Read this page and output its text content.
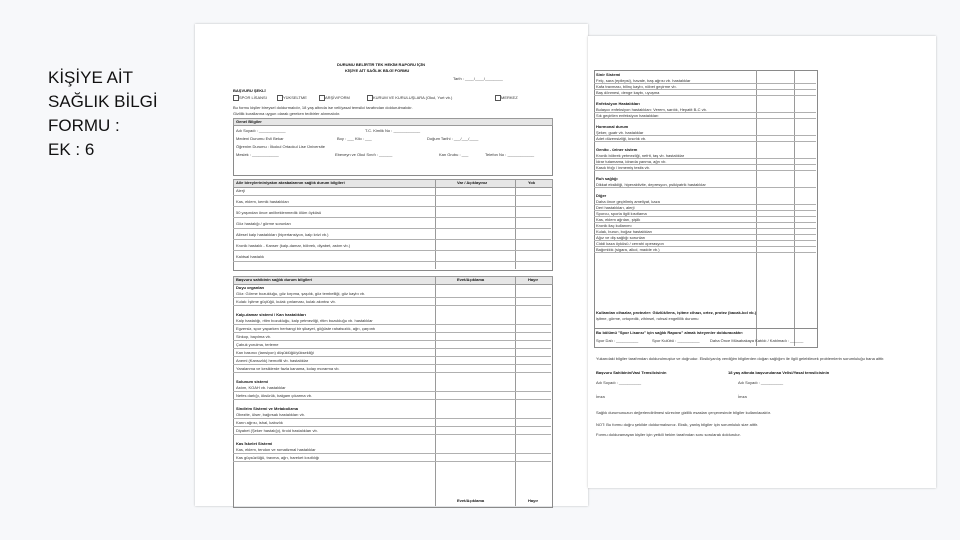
KİŞİYE AİT
SAĞLIK BİLGİ
FORMU :
EK : 6
DURUMU BELİRTİR TEK HEKİM RAPORU İÇİN
KİŞİYE AİT SAĞLIK BİLGİ FORMU
Tarih : ____/____/________
BAŞVURU ŞEKLİ
SPOR LİSANSI	YÜKSELTME	ARŞİV/FORM	KURUM VE KURULUŞLARA (Okul, Yurt vb.)	MERKEZ
Bu formu kişiler bireysel doldurmalıdır, 18 yaş altında ise veli/yasal temsilci tarafından doldurulmalıdır.
Gizlilik kurallarına uygun olarak gereken tedbirler alınmalıdır.
Genel Bilgiler
Adı Soyadı : ____________	T.C. Kimlik No : ____________
Medeni Durumu Evli Bekar	Boy : ___ Kilo : ___	Doğum Tarihi : ___/___/____
Öğrenim Durumu : İlkokul Ortaokul Lise Üniversite
Meslek : ____________	Ebeveyn ve Okul Sınıfı : ______	Kan Grubu : ___	Telefon No : ____________
Aile bireylerinin/yakın akrabalarının sağlık durum bilgileri	Var / Açıklayınız	Yok
Alerji
Kas, eklem, kemik hastalıkları
50 yaşından önce ani/beklenmedik ölüm öyküsü
Göz hastalığı / görme sorunları
Ailesel kalp hastalıkları (hipertansiyon, kalp krizi vb.)
Kronik hastalık - Kanser (kalp-damar, böbrek, diyabet, astım vb.)
Kalıtsal hastalık
Başvuru sahibinin sağlık durum bilgileri	Evet/Açıklama	Hayır
Duyu organları
Göz: Görme bozukluğu, göz kırpma, şaşılık, göz tembelliği, göz kaybı vb.
Kulak: İşitme güçlüğü, kulak çınlaması, kulak akıntısı vb.
Kalp-damar sistemi / Kan hastalıkları
Kalp hastalığı, ritim bozukluğu, kalp yetmezliği, ritim bozukluğu vb. hastalıklar
Egzersiz, spor yaparken herhangi bir şikayet, göğüste rahatsızlık, ağrı, çarpıntı
Sinkop, bayılma vb.
Çabuk yorulma, terleme
Kan basıncı (tansiyon) düşüklüğü/yüksekliği
Anemi (Kansızlık) hemofili vb. hastalıklar
Yaralanma ve kesiklerde fazla kanama, kolay morarma vb.
Solunum sistemi
Astım, KOAH vb. hastalıklar
Nefes darlığı, öksürük, balgam çıkarma vb.
Sindirim Sistemi ve Metabolizma
Obezite, ülser, bağırsak hastalıkları vb.
Karın ağrısı, ishal, kabızlık
Diyabet (Şeker hastalığı), tiroid hastalıkları vb.
Kas İskelet Sistemi
Kas, eklem, tendon ve romatizmal hastalıklar
Kas güçsüzlüğü, travma, ağrı, hareket kısıtlılığı
Evet/Açıklama	Hayır
Sinir Sistemi
Felç, sara (epilepsi), havale, baş ağrısı vb. hastalıklar
Kafa travması, bilinç kaybı, nöbet geçirme vb.
Baş dönmesi, denge kaybı, uyuşma
Enfeksiyon Hastalıkları
Bulaşıcı enfeksiyon hastalıkları: Verem, sarılık, Hepatit B-C vb.
Sık geçirilen enfeksiyon hastalıkları
Hormonal durum
Şeker, guatr vb. hastalıklar
Adet düzensizliği, kısırlık vb.
Genito - üriner sistem
Kronik böbrek yetmezliği, nefrit, taş vb. hastalıklar
İdrar tutamama, idrarda yanma, ağrı vb.
Kasık fıtığı / inmemiş testis vb.
Ruh sağlığı
Dikkat eksikliği, hiperaktivite, depresyon, psikiyatrik hastalıklar
Diğer
Daha önce geçirilmiş ameliyat, kaza
Deri hastalıkları, alerji
Sporcu, sporla ilgili kısıtlama
Kas, eklem ağrıları, şişlik
Kronik ilaç kullanımı
Kulak, burun, boğaz hastalıkları
Ağız ve diş sağlığı sorunları
Ciddi kaza öyküsü / cerrahi operasyon
Bağımlılık (sigara, alkol, madde vb.)
Kullanılan cihazlar, protezler: Gözlük/lens, işitme cihazı, ortez, protez (bacak-kol vb.)
işitme, görme, ortopedik, zihinsel, ruhsal engellilik durumu
Bu bölümü "Spor Lisansı" için sağlık Raporu" almak isteyenler dolduracaktır:
Spor Dalı : __________	Spor Kulübü : __________	Daha Önce Müsabakaya Katıldı / Katılmadı : ______
Yukarıdaki bilgiler tarafımdan doldurulmuştur ve doğrudur. Eksik/yanlış verdiğim bilgilerden doğan sağlığım ile ilgili gelebilecek problemlerin sorumluluğu bana aittir.
Başvuru Sahibinin/Vasi Temsilcisinin	18 yaş altında başvurulansa Velisi/Yasal temsilcisinin
Adı Soyadı : __________	Adı Soyadı : __________
İmza	İmza
Sağlık durumunuzun değerlendirilmesi sürecine gizlilik esasları çerçevesinde bilgiler kullanılacaktır.
NOT: Bu formu doğru şekilde doldurmalısınız. Eksik, yanlış bilgiler için sorumluluk size aittir.
Formu dolduramayan kişiler için yetkili hekim tarafından soru sorularak doldurulur.
